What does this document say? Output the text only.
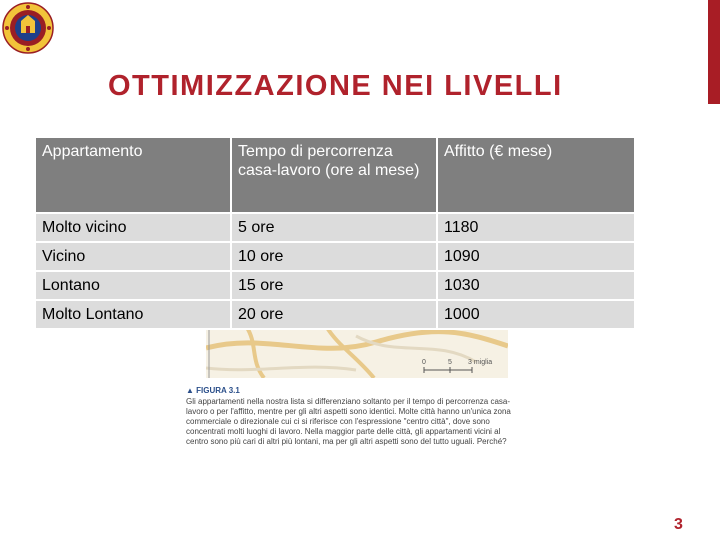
OTTIMIZZAZIONE NEI LIVELLI
0	5 3 miglia
Appartamento	Tempo di percorrenza casa-lavoro (ore al mese)	Affitto (€ mese)
Molto vicino	5 ore	1180
Vicino	10 ore	1090
Lontano	15 ore	1030
Molto Lontano	20 ore	1000
▲ FIGURA 3.1
Gli appartamenti nella nostra lista si differenziano soltanto per il tempo di percorrenza casa-lavoro o per l'affitto, mentre per gli altri aspetti sono identici. Molte città hanno un'unica zona commerciale o direzionale cui ci si riferisce con l'espressione "centro città", dove sono concentrati molti luoghi di lavoro. Nella maggior parte delle città, gli appartamenti vicini al centro sono più cari di altri più lontani, ma per gli altri aspetti sono del tutto uguali. Perché?
3
